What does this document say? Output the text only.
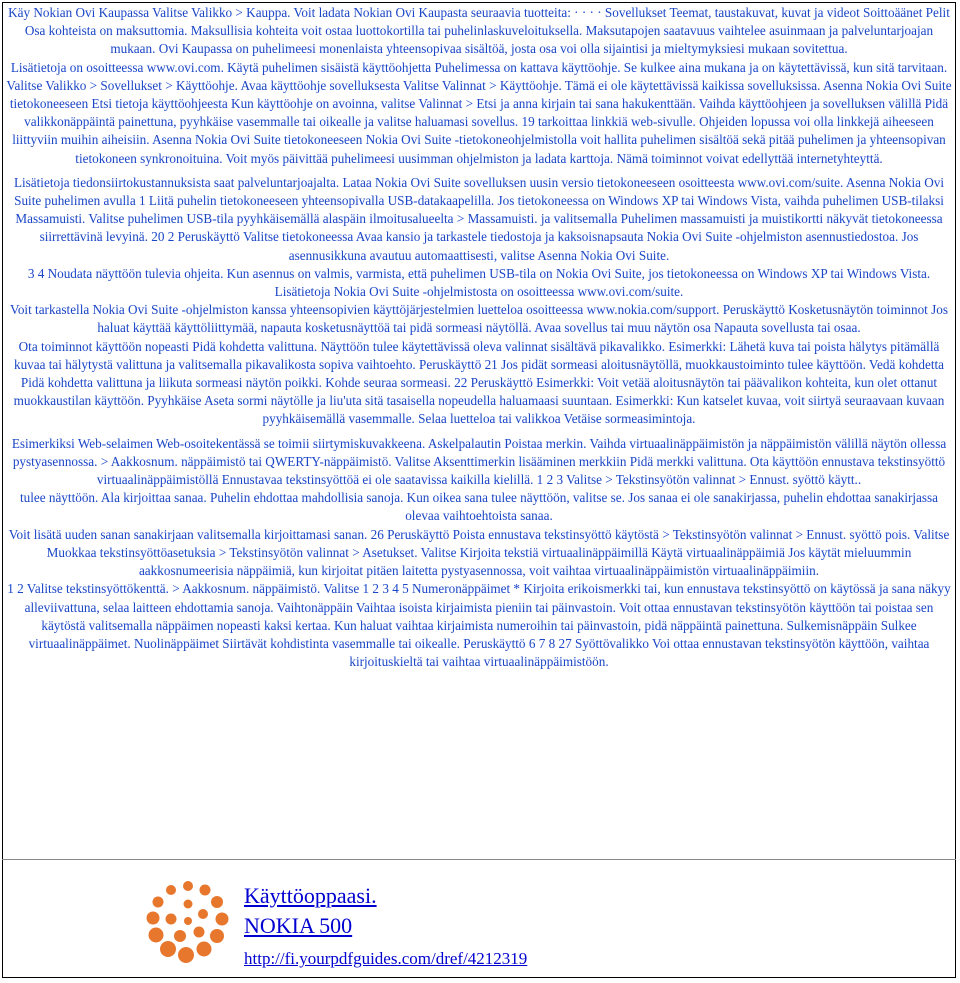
Käy Nokian Ovi Kaupassa Valitse Valikko > Kauppa. Voit ladata Nokian Ovi Kaupasta seuraavia tuotteita: · · · · Sovellukset Teemat, taustakuvat, kuvat ja videot Soittoäänet Pelit Osa kohteista on maksuttomia. Maksullisia kohteita voit ostaa luottokortilla tai puhelinlaskuveloituksella. Maksutapojen saatavuus vaihtelee asuinmaan ja palveluntarjoajan mukaan. Ovi Kaupassa on puhelimeesi monenlaista yhteensopivaa sisältöä, josta osa voi olla sijaintisi ja mieltymyksiesi mukaan sovitettua.

Lisätietoja on osoitteessa www.ovi.com. Käytä puhelimen sisäistä käyttöohjetta Puhelimessa on kattava käyttöohje. Se kulkee aina mukana ja on käytettävissä, kun sitä tarvitaan.

Valitse Valikko > Sovellukset > Käyttöohje. Avaa käyttöohje sovelluksesta Valitse Valinnat > Käyttöohje. Tämä ei ole käytettävissä kaikissa sovelluksissa. Asenna Nokia Ovi Suite tietokoneeseen Etsi tietoja käyttöohjeesta Kun käyttöohje on avoinna, valitse Valinnat > Etsi ja anna kirjain tai sana hakukenttään. Vaihda käyttöohjeen ja sovelluksen välillä Pidä valikkonäppäintä painettuna, pyyhkäise vasemmalle tai oikealle ja valitse haluamasi sovellus. 19 tarkoittaa linkkiä web-sivulle. Ohjeiden lopussa voi olla linkkejä aiheeseen liittyviin muihin aiheisiin. Asenna Nokia Ovi Suite tietokoneeseen Nokia Ovi Suite -tietokoneohjelmistolla voit hallita puhelimen sisältöä sekä pitää puhelimen ja yhteensopivan tietokoneen synkronoituina. Voit myös päivittää puhelimeesi uusimman ohjelmiston ja ladata karttoja. Nämä toiminnot voivat edellyttää internetyhteyttä.

Lisätietoja tiedonsiirtokustannuksista saat palveluntarjoajalta. Lataa Nokia Ovi Suite sovelluksen uusin versio tietokoneeseen osoitteesta www.ovi.com/suite. Asenna Nokia Ovi Suite puhelimen avulla 1 Liitä puhelin tietokoneeseen yhteensopivalla USB-datakaapelilla. Jos tietokoneessa on Windows XP tai Windows Vista, vaihda puhelimen USB-tilaksi Massamuisti. Valitse puhelimen USB-tila pyyhkäisemällä alaspäin ilmoitusalueelta > Massamuisti. ja valitsemalla Puhelimen massamuisti ja muistikortti näkyvät tietokoneessa siirrettävinä levyinä. 20 2 Peruskäyttö Valitse tietokoneessa Avaa kansio ja tarkastele tiedostoja ja kaksoisnapsauta Nokia Ovi Suite -ohjelmiston asennustiedostoa. Jos asennusikkuna avautuu automaattisesti, valitse Asenna Nokia Ovi Suite.

3 4 Noudata näyttöön tulevia ohjeita. Kun asennus on valmis, varmista, että puhelimen USB-tila on Nokia Ovi Suite, jos tietokoneessa on Windows XP tai Windows Vista. Lisätietoja Nokia Ovi Suite -ohjelmistosta on osoitteessa www.ovi.com/suite.

Voit tarkastella Nokia Ovi Suite -ohjelmiston kanssa yhteensopivien käyttöjärjestelmien luetteloa osoitteessa www.nokia.com/support. Peruskäyttö Kosketusnäytön toiminnot Jos haluat käyttää käyttöliittymää, napauta kosketusnäyttöä tai pidä sormeasi näytöllä. Avaa sovellus tai muu näytön osa Napauta sovellusta tai osaa.

Ota toiminnot käyttöön nopeasti Pidä kohdetta valittuna. Näyttöön tulee käytettävissä oleva valinnat sisältävä pikavalikko. Esimerkki: Lähetä kuva tai poista hälytys pitämällä kuvaa tai hälytystä valittuna ja valitsemalla pikavalikosta sopiva vaihtoehto. Peruskäyttö 21 Jos pidät sormeasi aloitusnäytöllä, muokkaustoiminto tulee käyttöön. Vedä kohdetta Pidä kohdetta valittuna ja liikuta sormeasi näytön poikki. Kohde seuraa sormeasi. 22 Peruskäyttö Esimerkki: Voit vetää aloitusnäytön tai päävalikon kohteita, kun olet ottanut muokkaustilan käyttöön. Pyyhkäise Aseta sormi näytölle ja liu'uta sitä tasaisella nopeudella haluamaasi suuntaan. Esimerkki: Kun katselet kuvaa, voit siirtyä seuraavaan kuvaan pyyhkäisemällä vasemmalle. Selaa luetteloa tai valikkoa Vetäise sormeasimintoja.

Esimerkiksi Web-selaimen Web-osoitekentässä se toimii siirtymiskuvakkeena. Askelpalautin Poistaa merkin. Vaihda virtuaalinäppäimistön ja näppäimistön välillä näytön ollessa pystyasennossa. > Aakkosnum. näppäimistö tai QWERTY-näppäimistö. Valitse Aksenttimerkin lisääminen merkkiin Pidä merkki valittuna. Ota käyttöön ennustava tekstinsyöttö virtuaalinäppäimistöllä Ennustavaa tekstinsyöttöä ei ole saatavissa kaikilla kielillä. 1 2 3 Valitse > Tekstinsyötön valinnat > Ennust. syöttö käytt..

tulee näyttöön. Ala kirjoittaa sanaa. Puhelin ehdottaa mahdollisia sanoja. Kun oikea sana tulee näyttöön, valitse se. Jos sanaa ei ole sanakirjassa, puhelin ehdottaa sanakirjassa olevaa vaihtoehtoista sanaa.

Voit lisätä uuden sanan sanakirjaan valitsemalla kirjoittamasi sanan. 26 Peruskäyttö Poista ennustava tekstinsyöttö käytöstä > Tekstinsyötön valinnat > Ennust. syöttö pois. Valitse Muokkaa tekstinsyöttöasetuksia > Tekstinsyötön valinnat > Asetukset. Valitse Kirjoita tekstiä virtuaalinäppäimillä Käytä virtuaalinäppäimiä Jos käytät mieluummin aakkosnumeerisia näppäimiä, kun kirjoitat pitäen laitetta pystyasennossa, voit vaihtaa virtuaalinäppäimistön virtuaalinäppäimiin.

1 2 Valitse tekstinsyöttökenttä. > Aakkosnum. näppäimistö. Valitse 1 2 3 4 5 Numeronäppäimet * Kirjoita erikoismerkki tai, kun ennustava tekstinsyöttö on käytössä ja sana näkyy alleviivattuna, selaa laitteen ehdottamia sanoja. Vaihtonäppäin Vaihtaa isoista kirjaimista pieniin tai päinvastoin. Voit ottaa ennustavan tekstinsyötön käyttöön tai poistaa sen käytöstä valitsemalla näppäimen nopeasti kaksi kertaa. Kun haluat vaihtaa kirjaimista numeroihin tai päinvastoin, pidä näppäintä painettuna. Sulkemisnäppäin Sulkee virtuaalinäppäimet. Nuolinäppäimet Siirtävät kohdistinta vasemmalle tai oikealle. Peruskäyttö 6 7 8 27 Syöttövalikko Voi ottaa ennustavan tekstinsyötön käyttöön, vaihtaa kirjoituskieltä tai vaihtaa virtuaalinäppäimistöön.

Käyttöoppaasi.
NOKIA 500
http://fi.yourpdfguides.com/dref/4212319
